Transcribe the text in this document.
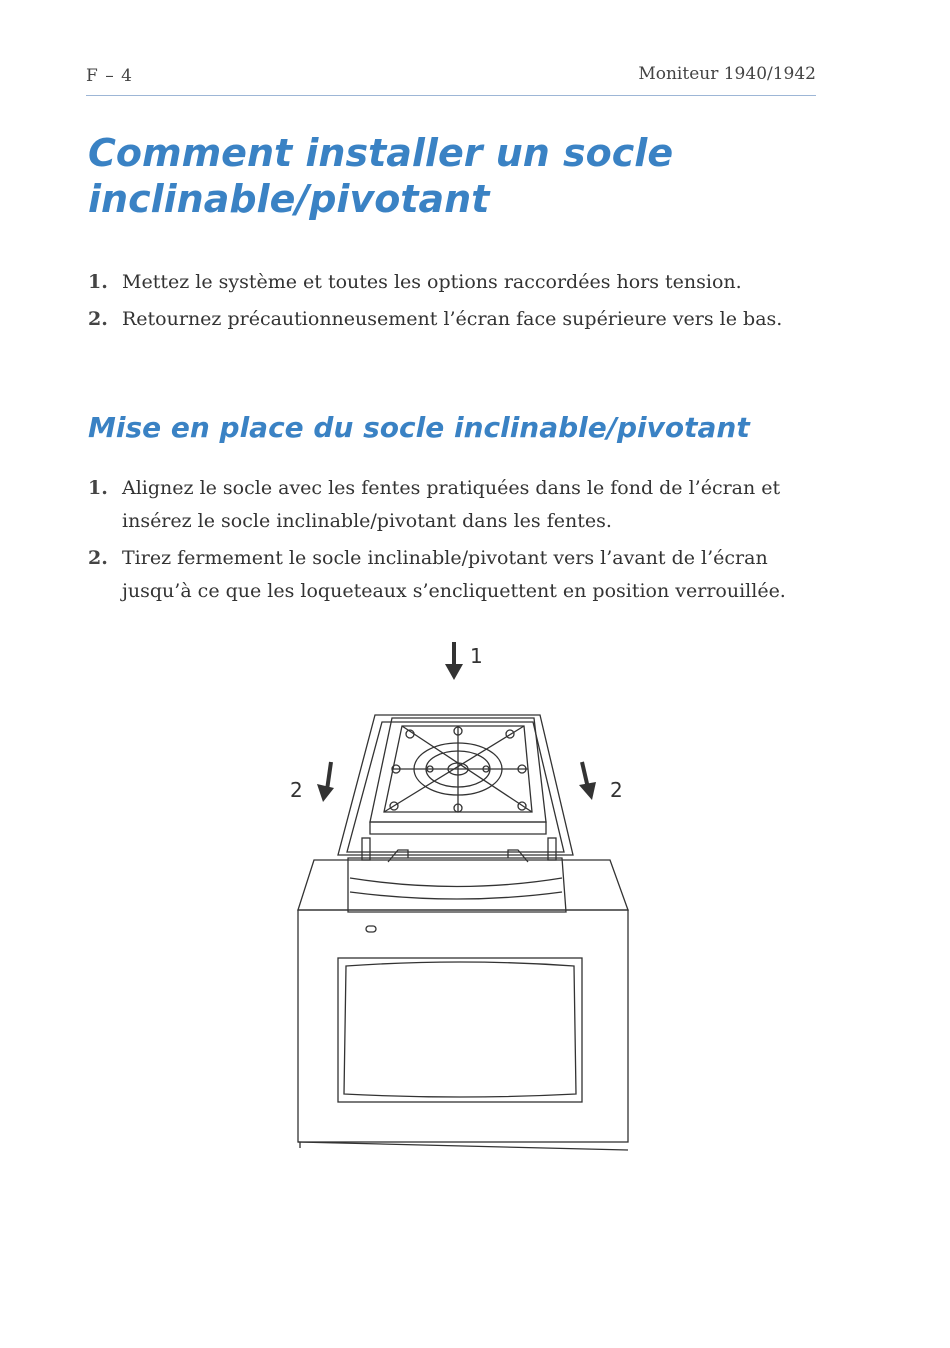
F – 4	Moniteur 1940/1942
Comment installer un socle inclinable/pivotant
1. Mettez le système et toutes les options raccordées hors tension.
2. Retournez précautionneusement l’écran face supérieure vers le bas.
Mise en place du socle inclinable/pivotant
1. Alignez le socle avec les fentes pratiquées dans le fond de l’écran et insérez le socle inclinable/pivotant dans les fentes.
2. Tirez fermement le socle inclinable/pivotant vers l’avant de l’écran jusqu’à ce que les loqueteaux s’encliquettent en position verrouillée.
1
2	2
